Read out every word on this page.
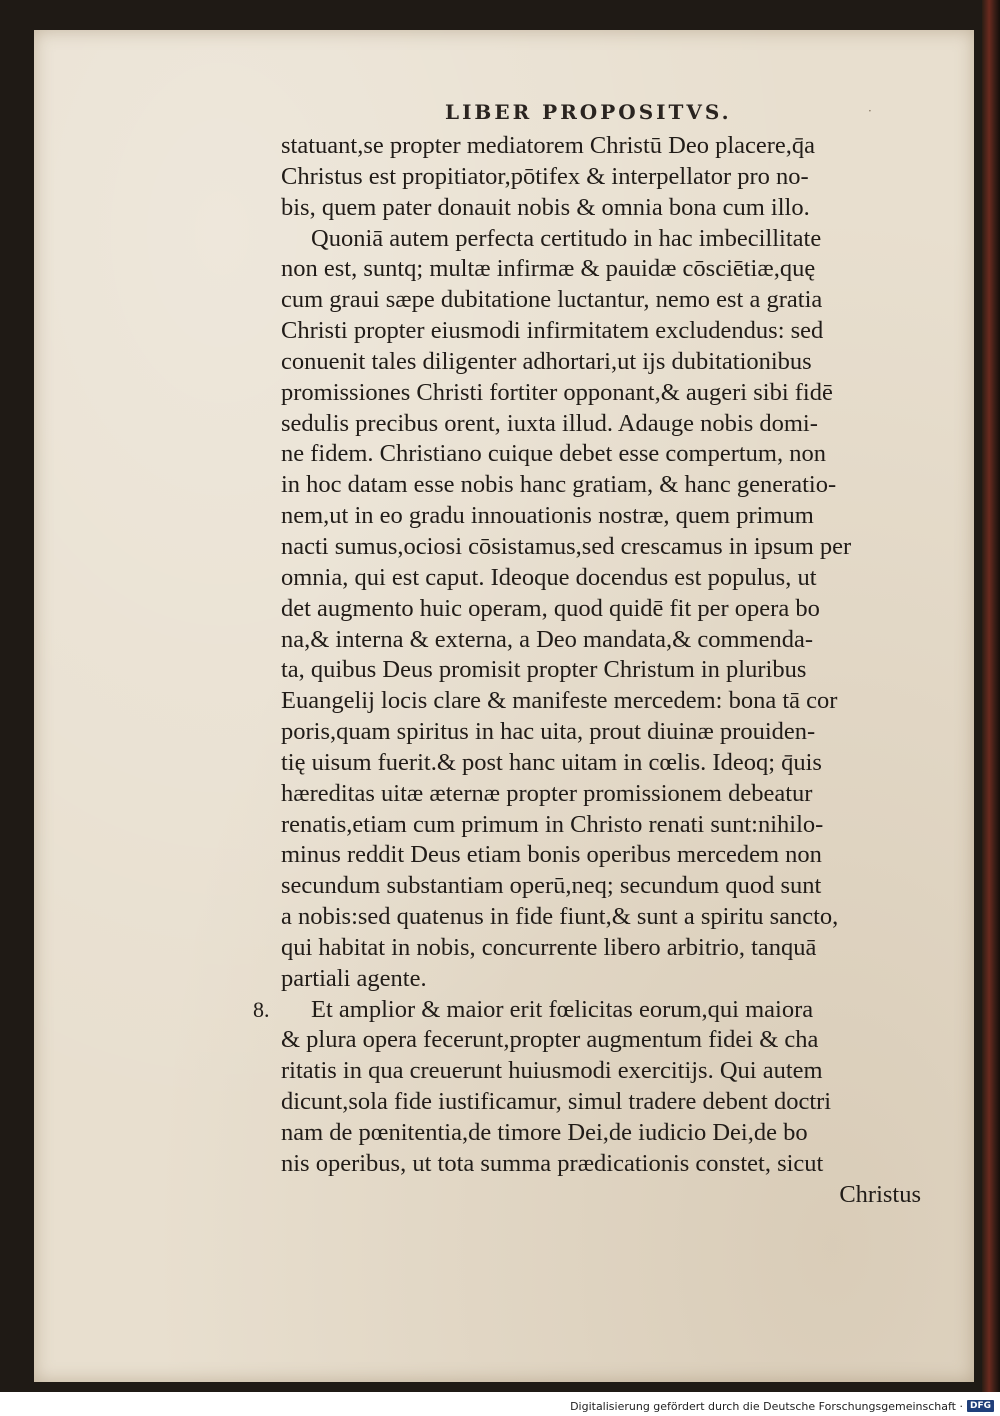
LIBER PROPOSITVS.	·
statuant,se propter mediatorem Christū Deo placere,q̄a
Christus est propitiator,pōtifex & interpellator pro no-
bis, quem pater donauit nobis & omnia bona cum illo.
Quoniā autem perfecta certitudo in hac imbecillitate
non est, suntq; multæ infirmæ & pauidæ cōsciētiæ,quę
cum graui sæpe dubitatione luctantur, nemo est a gratia
Christi propter eiusmodi infirmitatem excludendus: sed
conuenit tales diligenter adhortari,ut ijs dubitationibus
promissiones Christi fortiter opponant,& augeri sibi fidē
sedulis precibus orent, iuxta illud. Adauge nobis domi-
ne fidem. Christiano cuique debet esse compertum, non
in hoc datam esse nobis hanc gratiam, & hanc generatio-
nem,ut in eo gradu innouationis nostræ, quem primum
nacti sumus,ociosi cōsistamus,sed crescamus in ipsum per
omnia, qui est caput. Ideoque docendus est populus, ut
det augmento huic operam, quod quidē fit per opera bo
na,& interna & externa, a Deo mandata,& commenda-
ta, quibus Deus promisit propter Christum in pluribus
Euangelij locis clare & manifeste mercedem: bona tā cor
poris,quam spiritus in hac uita, prout diuinæ prouiden-
tię uisum fuerit.& post hanc uitam in cœlis. Ideoq; q̄uis
hæreditas uitæ æternæ propter promissionem debeatur
renatis,etiam cum primum in Christo renati sunt:nihilo-
minus reddit Deus etiam bonis operibus mercedem non
secundum substantiam operū,neq; secundum quod sunt
a nobis:sed quatenus in fide fiunt,& sunt a spiritu sancto,
qui habitat in nobis, concurrente libero arbitrio, tanquā
partiali agente.
8. Et amplior & maior erit fœlicitas eorum,qui maiora
& plura opera fecerunt,propter augmentum fidei & cha
ritatis in qua creuerunt huiusmodi exercitijs. Qui autem
dicunt,sola fide iustificamur, simul tradere debent doctri
nam de pœnitentia,de timore Dei,de iudicio Dei,de bo
nis operibus, ut tota summa prædicationis constet, sicut
Christus
Digitalisierung gefördert durch die Deutsche Forschungsgemeinschaft · DFG
